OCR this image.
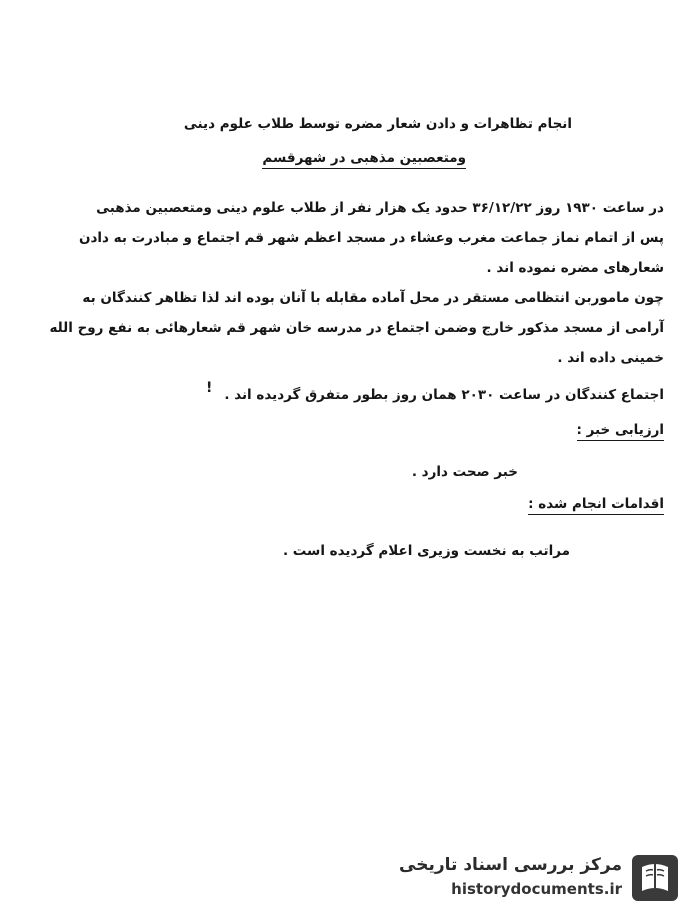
انجام تظاهرات و دادن شعار مضره توسط طلاب علوم دینی
ومتعصبین مذهبی در شهرقسم
در ساعت ۱۹۳۰ روز ۳۶/۱۲/۲۲ حدود یک هزار نفر از طلاب علوم دینی ومتعصبین مذهبی
پس از اتمام نماز جماعت مغرب وعشاء در مسجد اعظم شهر قم اجتماع و مبادرت به دادن
شعارهای مضره نموده اند .
چون ماموربن انتظامی مستقر در محل آماده مقابله با آنان بوده اند لذا تظاهر کنندگان به
آرامی از مسجد مذکور خارج وضمن اجتماع در مدرسه خان شهر قم شعارهائی به نفع روح الله
خمینی داده اند .
اجتماع کنندگان در ساعت ۲۰۳۰ همان روز بطور متفرق گردیده اند .
!
ارزیابی خبر :
خبر صحت دارد .
اقدامات انجام شده :
مراتب به نخست وزیری اعلام گردیده است .
مرکز بررسی اسناد تاریخی
historydocuments.ir
